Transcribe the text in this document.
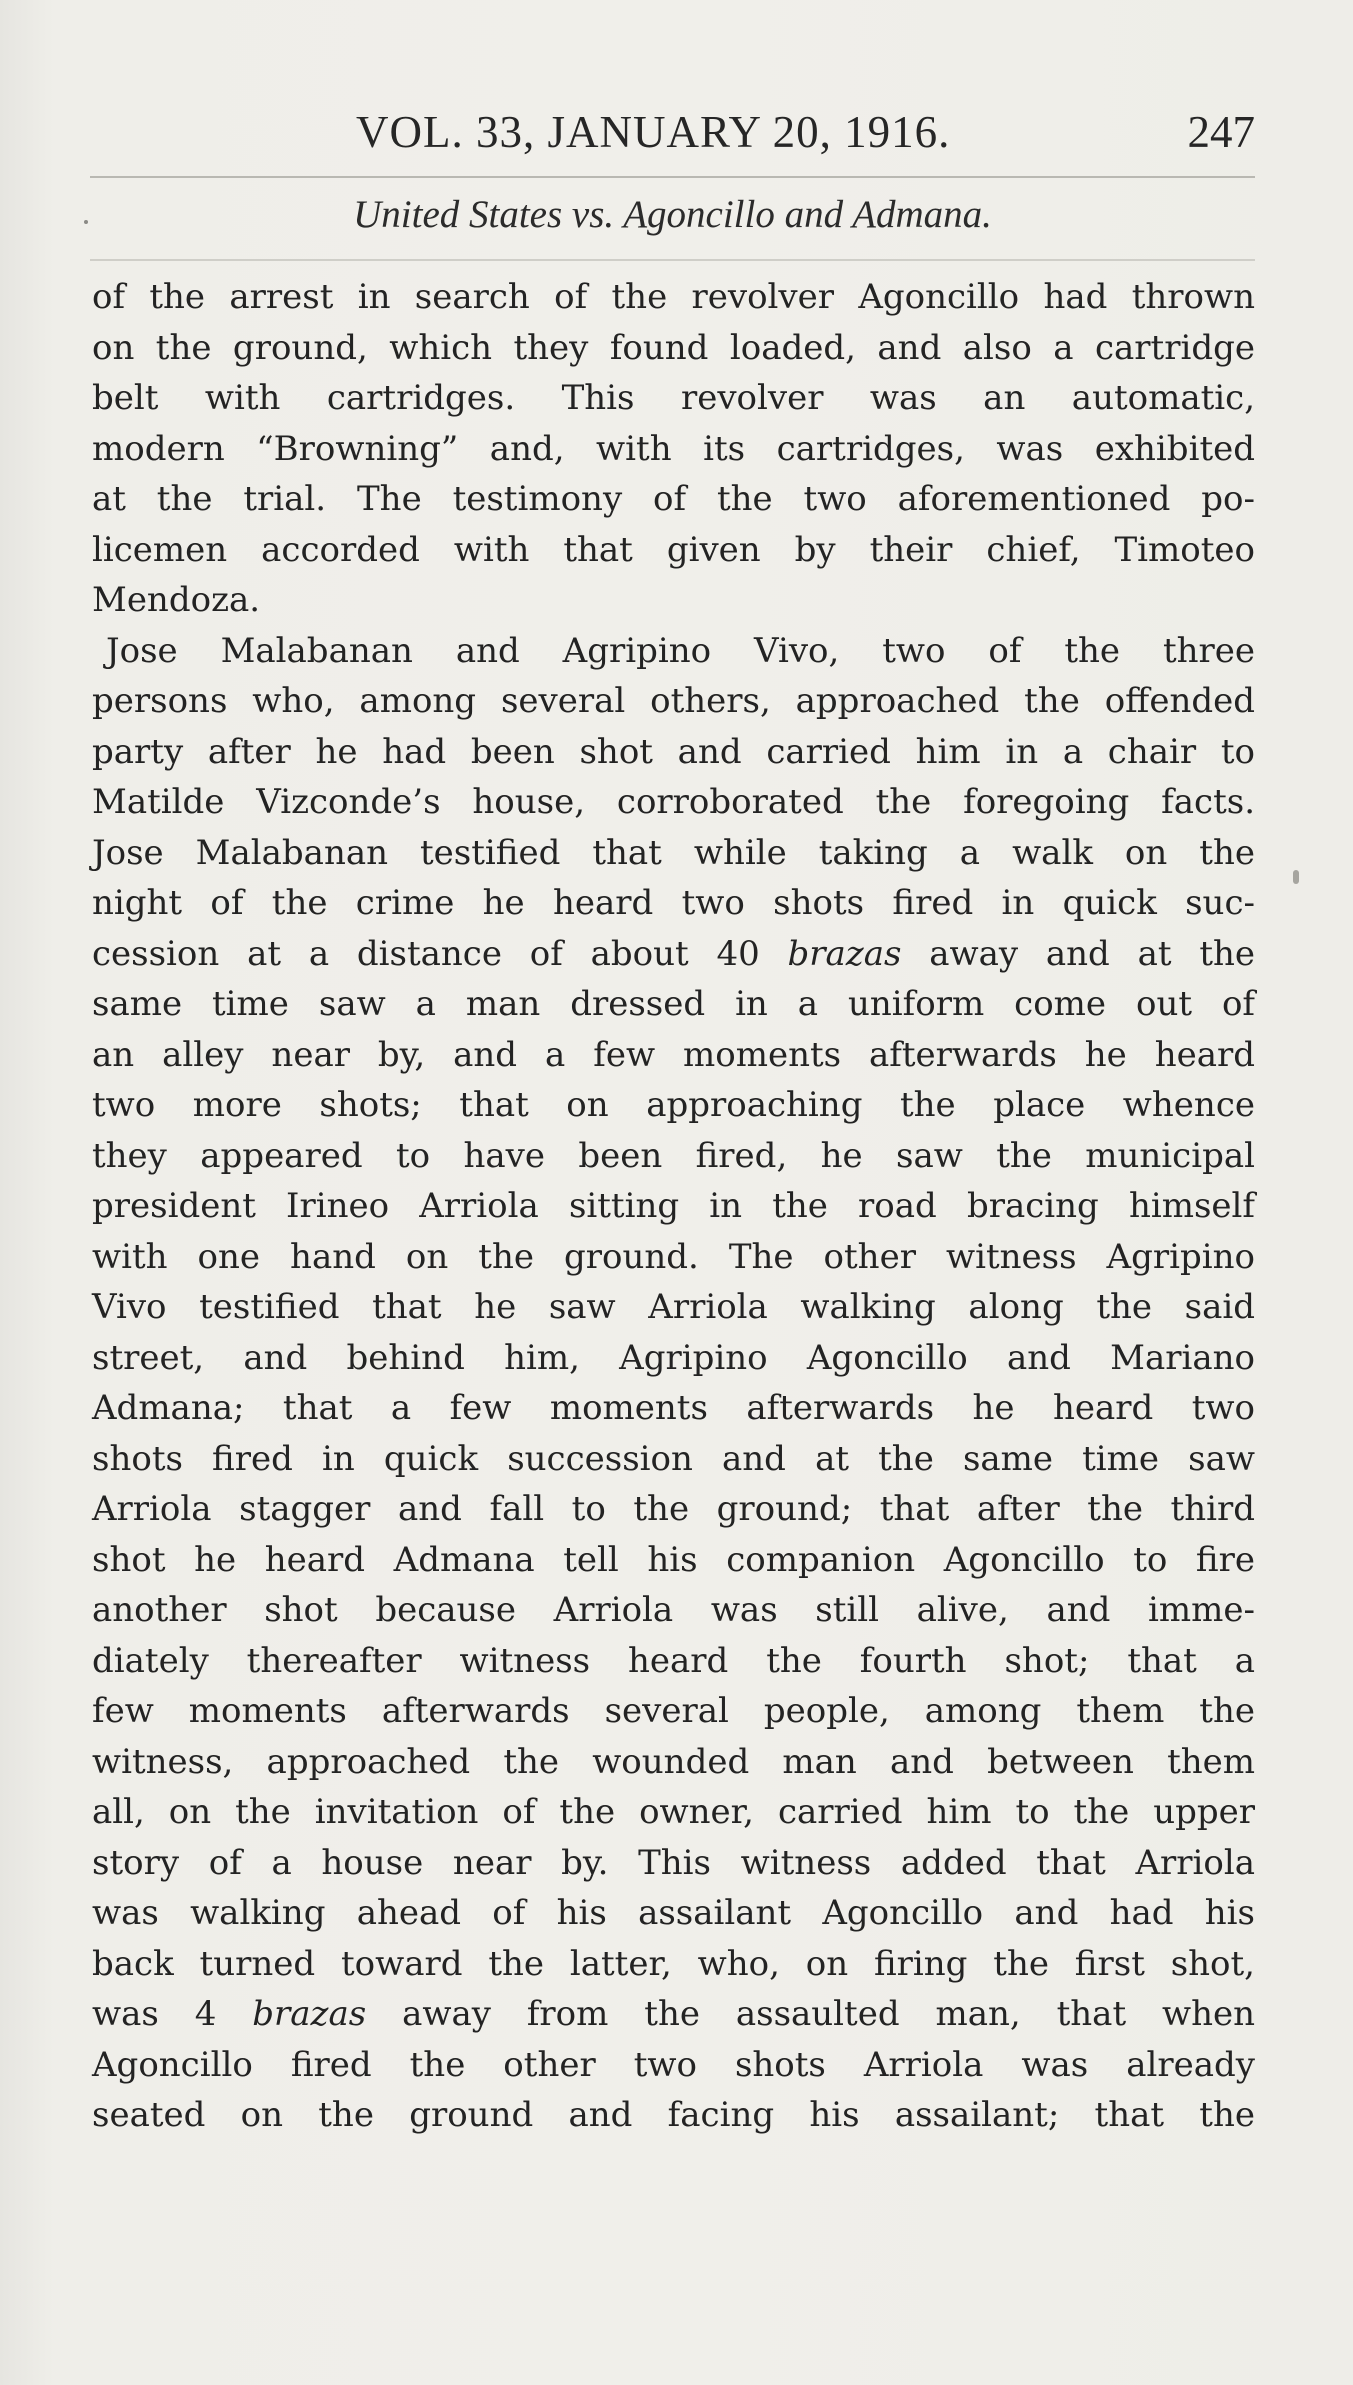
VOL. 33, JANUARY 20, 1916.	247
United States vs. Agoncillo and Admana.
of the arrest in search of the revolver Agoncillo had thrown
on the ground, which they found loaded, and also a cartridge
belt with cartridges. This revolver was an automatic,
modern “Browning” and, with its cartridges, was exhibited
at the trial. The testimony of the two aforementioned po-
licemen accorded with that given by their chief, Timoteo
Mendoza.
Jose Malabanan and Agripino Vivo, two of the three
persons who, among several others, approached the offended
party after he had been shot and carried him in a chair to
Matilde Vizconde’s house, corroborated the foregoing facts.
Jose Malabanan testified that while taking a walk on the
night of the crime he heard two shots fired in quick suc-
cession at a distance of about 40 brazas away and at the
same time saw a man dressed in a uniform come out of
an alley near by, and a few moments afterwards he heard
two more shots; that on approaching the place whence
they appeared to have been fired, he saw the municipal
president Irineo Arriola sitting in the road bracing himself
with one hand on the ground. The other witness Agripino
Vivo testified that he saw Arriola walking along the said
street, and behind him, Agripino Agoncillo and Mariano
Admana; that a few moments afterwards he heard two
shots fired in quick succession and at the same time saw
Arriola stagger and fall to the ground; that after the third
shot he heard Admana tell his companion Agoncillo to fire
another shot because Arriola was still alive, and imme-
diately thereafter witness heard the fourth shot; that a
few moments afterwards several people, among them the
witness, approached the wounded man and between them
all, on the invitation of the owner, carried him to the upper
story of a house near by. This witness added that Arriola
was walking ahead of his assailant Agoncillo and had his
back turned toward the latter, who, on firing the first shot,
was 4 brazas away from the assaulted man, that when
Agoncillo fired the other two shots Arriola was already
seated on the ground and facing his assailant; that the
